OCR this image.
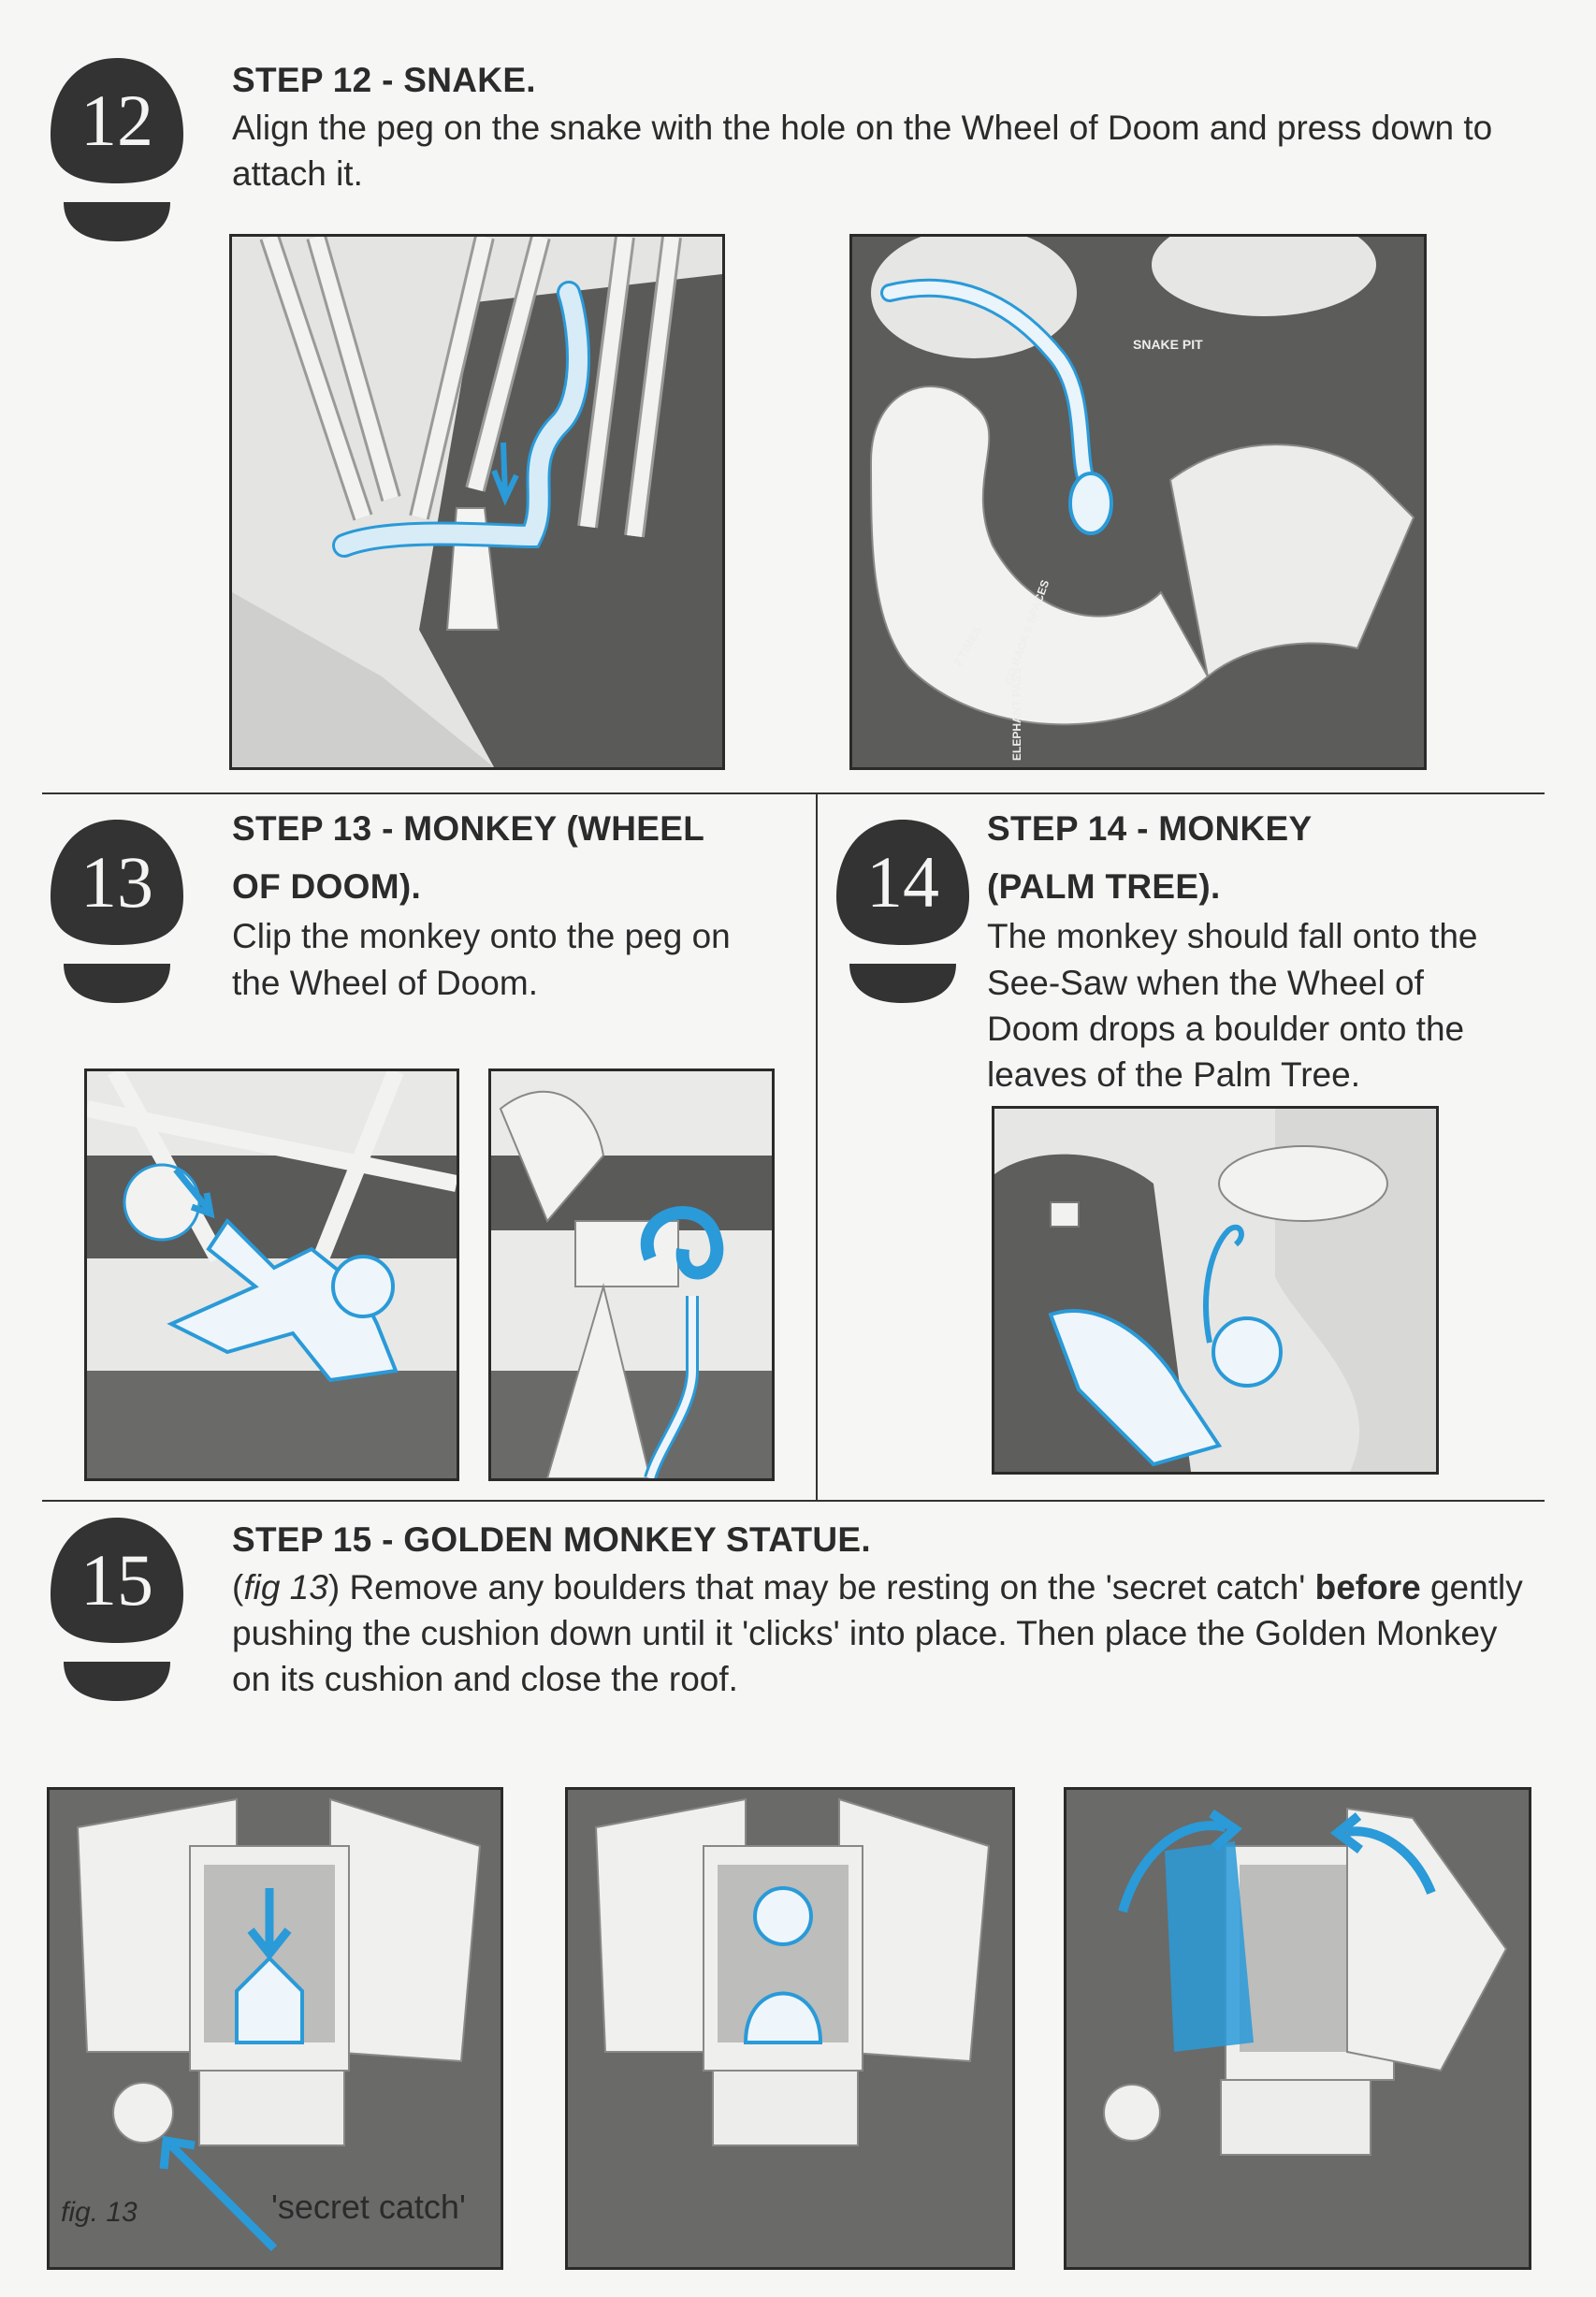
12	STEP 12 - SNAKE.
Align the peg on the snake with the hole on the Wheel of Doom and press down to attach it.
SNAKE PIT
GO BACK 5 SPACES
2 TIMES
ELEPHANT PASS
13
STEP 13 - MONKEY (WHEEL
OF DOOM).
Clip the monkey onto the peg on
the Wheel of Doom.
14
STEP 14 - MONKEY
(PALM TREE).
The monkey should fall onto the
See-Saw when the Wheel of
Doom drops a boulder onto the
leaves of the Palm Tree.
15	STEP 15 - GOLDEN MONKEY STATUE.
(fig 13) Remove any boulders that may be resting on the 'secret catch' before gently pushing the cushion down until it 'clicks' into place. Then place the Golden Monkey on its cushion and close the roof.
fig. 13	'secret catch'
